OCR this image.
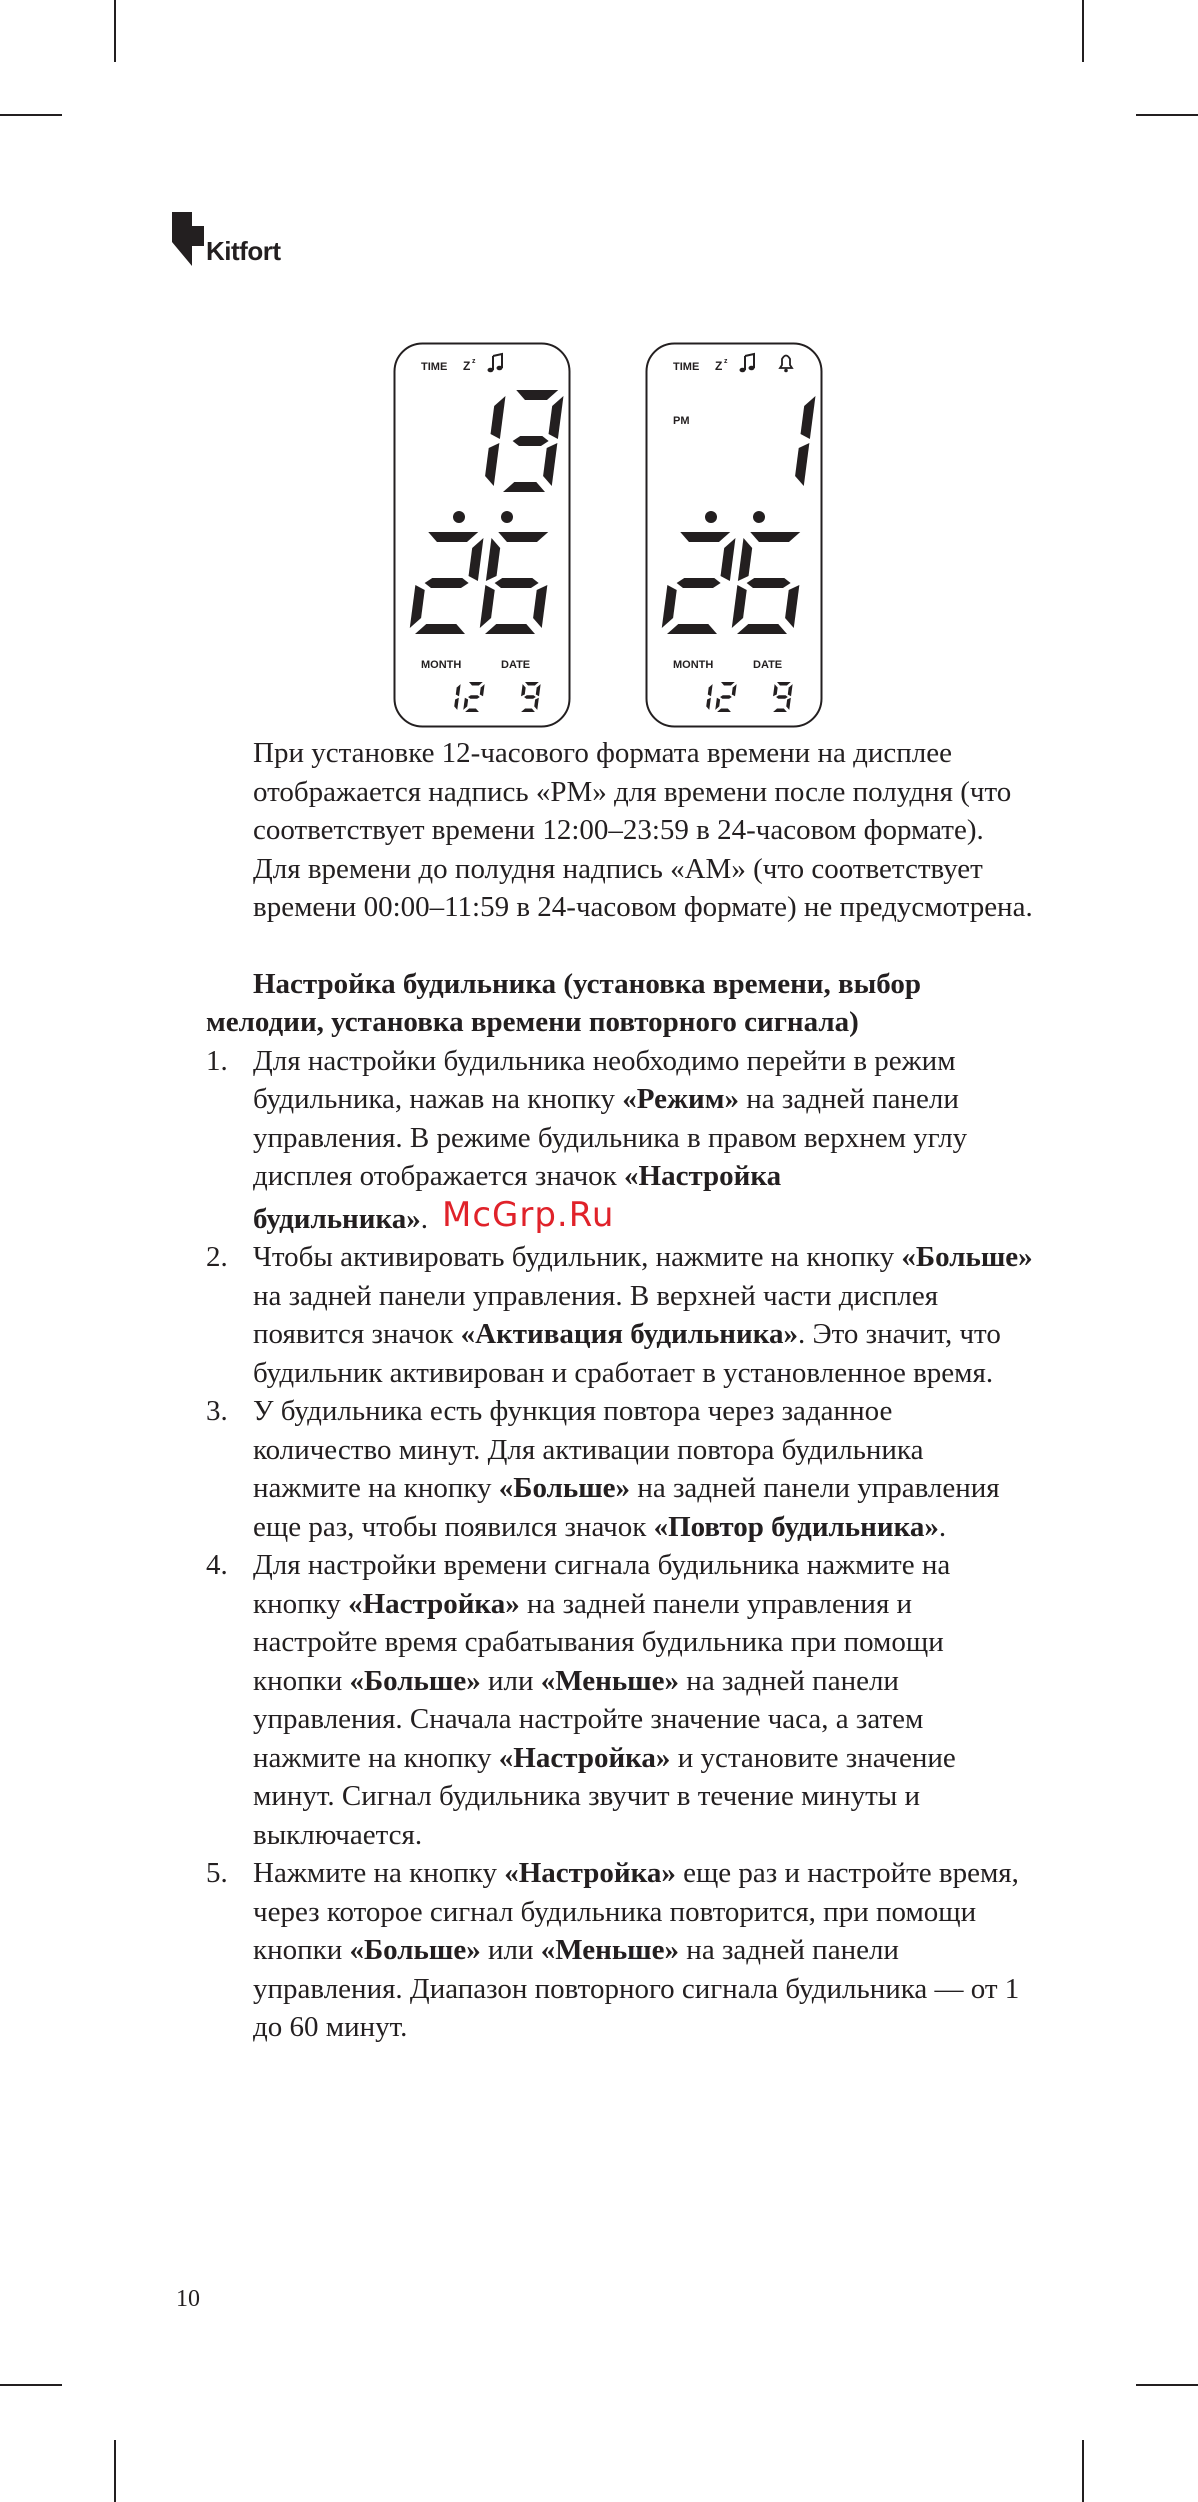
Kitfort
TIME Z z
MONTH	DATE
TIME Z z
PM
MONTH	DATE

При установке 12-часового формата времени на дисплее отображается надпись «PM» для времени после полудня (что соответствует времени 12:00–23:59 в 24-часовом формате). Для времени до полудня надпись «AM» (что соответствует времени 00:00–11:59 в 24-часовом формате) не предусмотрена.

Настройка будильника (установка времени, выбор мелодии, установка времени повторного сигнала)

1. Для настройки будильника необходимо перейти в режим будильника, нажав на кнопку «Режим» на задней панели управления. В режиме будильника в правом верхнем углу дисплея отображается значок «Настройка будильника». McGrp.Ru
2. Чтобы активировать будильник, нажмите на кнопку «Больше» на задней панели управления. В верхней части дисплея появится значок «Активация будильника». Это значит, что будильник активирован и сработает в установленное время.
3. У будильника есть функция повтора через заданное количество минут. Для активации повтора будильника нажмите на кнопку «Больше» на задней панели управления еще раз, чтобы появился значок «Повтор будильника».
4. Для настройки времени сигнала будильника нажмите на кнопку «Настройка» на задней панели управления и настройте время срабатывания будильника при помощи кнопки «Больше» или «Меньше» на задней панели управления. Сначала настройте значение часа, а затем нажмите на кнопку «Настройка» и установите значение минут. Сигнал будильника звучит в течение минуты и выключается.
5. Нажмите на кнопку «Настройка» еще раз и настройте время, через которое сигнал будильника повторится, при помощи кнопки «Больше» или «Меньше» на задней панели управления. Диапазон повторного сигнала будильника — от 1 до 60 минут.
10
